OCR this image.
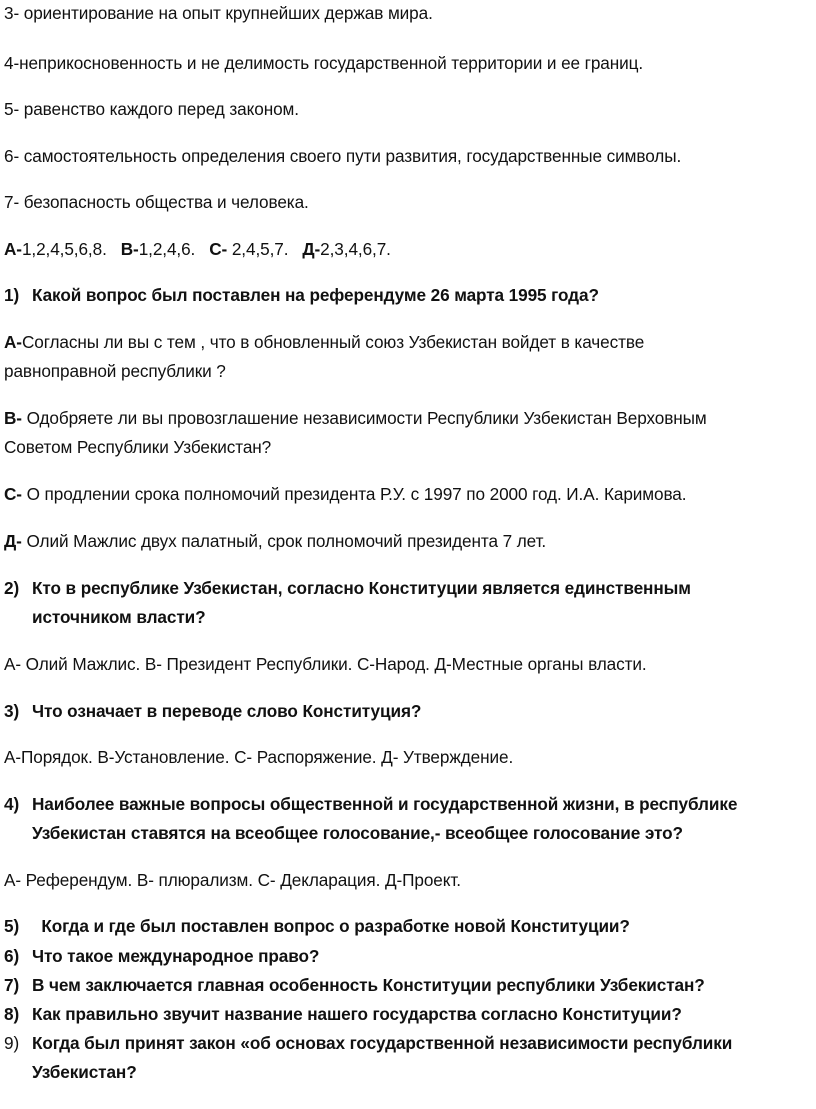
3- ориентирование на опыт крупнейших держав мира.
4-неприкосновенность и не делимость государственной территории и ее границ.
5- равенство каждого перед законом.
6- самостоятельность определения своего пути развития, государственные символы.
7- безопасность общества и человека.
А-1,2,4,5,6,8. В-1,2,4,6. С- 2,4,5,7. Д-2,3,4,6,7.
1) Какой вопрос был поставлен на референдуме 26 марта 1995 года?
А-Согласны ли вы с тем , что в обновленный союз Узбекистан войдет в качестве
равноправной республики ?
В- Одобряете ли вы провозглашение независимости Республики Узбекистан Верховным
Советом Республики Узбекистан?
С- О продлении срока полномочий президента Р.У. с 1997 по 2000 год. И.А. Каримова.
Д- Олий Мажлис двух палатный, срок полномочий президента 7 лет.
2) Кто в республике Узбекистан, согласно Конституции является единственным
источником власти?
А- Олий Мажлис. В- Президент Республики. С-Народ. Д-Местные органы власти.
3) Что означает в переводе слово Конституция?
А-Порядок. В-Установление. С- Распоряжение. Д- Утверждение.
4) Наиболее важные вопросы общественной и государственной жизни, в республике
Узбекистан ставятся на всеобщее голосование,- всеобщее голосование это?
А- Референдум. В- плюрализм. С- Декларация. Д-Проект.
5)  Когда и где был поставлен вопрос о разработке новой Конституции?
6) Что такое международное право?
7) В чем заключается главная особенность Конституции республики Узбекистан?
8) Как правильно звучит название нашего государства согласно Конституции?
9) Когда был принят закон «об основах государственной независимости республики
Узбекистан?
